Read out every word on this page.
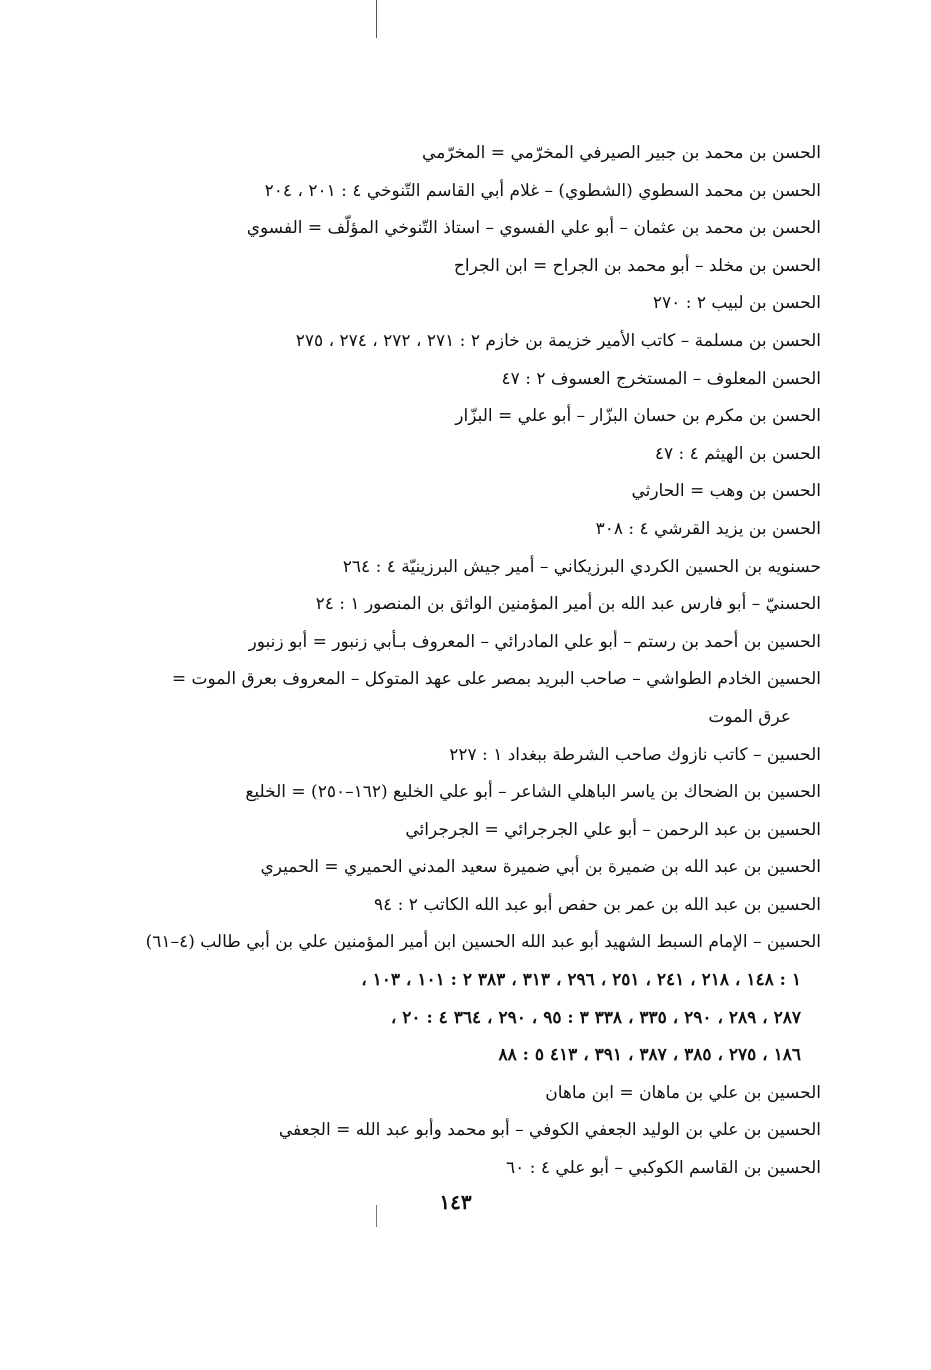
الحسن بن محمد بن جبير الصيرفي المخرّمي = المخرّمي
الحسن بن محمد السطوي (الشطوي) – غلام أبي القاسم التّنوخي ٤ : ٢٠١ ، ٢٠٤
الحسن بن محمد بن عثمان – أبو علي الفسوي – استاذ التّنوخي المؤلّف = الفسوي
الحسن بن مخلد – أبو محمد بن الجراح = ابن الجراح
الحسن بن لبيب ٢ : ٢٧٠
الحسن بن مسلمة – كاتب الأمير خزيمة بن خازم ٢ : ٢٧١ ، ٢٧٢ ، ٢٧٤ ، ٢٧٥
الحسن المعلوف – المستخرج العسوف ٢ : ٤٧
الحسن بن مكرم بن حسان البزّار – أبو علي = البزّار
الحسن بن الهيثم ٤ : ٤٧
الحسن بن وهب = الحارثي
الحسن بن يزيد القرشي ٤ : ٣٠٨
حسنويه بن الحسين الكردي البرزيكاني – أمير جيش البرزينيّة ٤ : ٢٦٤
الحسنيّ – أبو فارس عبد الله بن أمير المؤمنين الواثق بن المنصور ١ : ٢٤
الحسين بن أحمد بن رستم – أبو علي المادرائي – المعروف بـأبي زنبور = أبو زنبور
الحسين الخادم الطواشي – صاحب البريد بمصر على عهد المتوكل – المعروف بعرق الموت =
عرق الموت
الحسين – كاتب نازوك صاحب الشرطة ببغداد ١ : ٢٢٧
الحسين بن الضحاك بن ياسر الباهلي الشاعر – أبو علي الخليع (١٦٢–٢٥٠) = الخليع
الحسين بن عبد الرحمن – أبو علي الجرجرائي = الجرجرائي
الحسين بن عبد الله بن ضميرة بن أبي ضميرة سعيد المدني الحميري = الحميري
الحسين بن عبد الله بن عمر بن حفص أبو عبد الله الكاتب ٢ : ٩٤
الحسين – الإمام السبط الشهيد أبو عبد الله الحسين ابن أمير المؤمنين علي بن أبي طالب (٤–٦١)
١ : ١٤٨ ، ٢١٨ ، ٢٤١ ، ٢٥١ ، ٢٩٦ ، ٣١٣ ، ٣٨٣ ٢ : ١٠١ ، ١٠٣ ،
٢٨٧ ، ٢٨٩ ، ٢٩٠ ، ٣٣٥ ، ٣٣٨ ٣ : ٩٥ ، ٢٩٠ ، ٣٦٤ ٤ : ٢٠ ،
١٨٦ ، ٢٧٥ ، ٣٨٥ ، ٣٨٧ ، ٣٩١ ، ٤١٣ ٥ : ٨٨
الحسين بن علي بن ماهان = ابن ماهان
الحسين بن علي بن الوليد الجعفي الكوفي – أبو محمد وأبو عبد الله = الجعفي
الحسين بن القاسم الكوكبي – أبو علي ٤ : ٦٠
١٤٣
